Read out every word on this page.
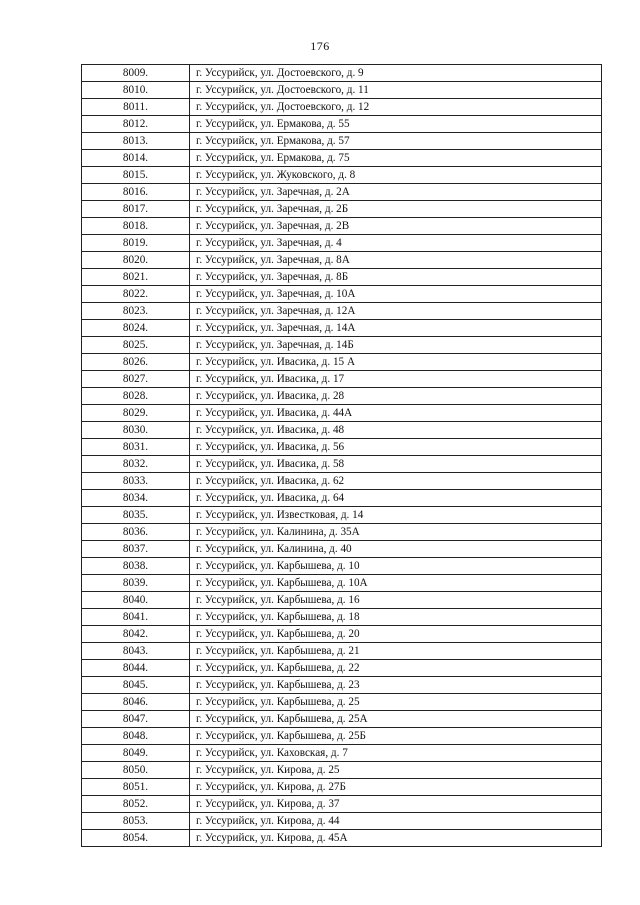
176
8009.	г. Уссурийск, ул. Достоевского, д. 9
8010.	г. Уссурийск, ул. Достоевского, д. 11
8011.	г. Уссурийск, ул. Достоевского, д. 12
8012.	г. Уссурийск, ул. Ермакова, д. 55
8013.	г. Уссурийск, ул. Ермакова, д. 57
8014.	г. Уссурийск, ул. Ермакова, д. 75
8015.	г. Уссурийск, ул. Жуковского, д. 8
8016.	г. Уссурийск, ул. Заречная, д. 2А
8017.	г. Уссурийск, ул. Заречная, д. 2Б
8018.	г. Уссурийск, ул. Заречная, д. 2В
8019.	г. Уссурийск, ул. Заречная, д. 4
8020.	г. Уссурийск, ул. Заречная, д. 8А
8021.	г. Уссурийск, ул. Заречная, д. 8Б
8022.	г. Уссурийск, ул. Заречная, д. 10А
8023.	г. Уссурийск, ул. Заречная, д. 12А
8024.	г. Уссурийск, ул. Заречная, д. 14А
8025.	г. Уссурийск, ул. Заречная, д. 14Б
8026.	г. Уссурийск, ул. Ивасика, д. 15 А
8027.	г. Уссурийск, ул. Ивасика, д. 17
8028.	г. Уссурийск, ул. Ивасика, д. 28
8029.	г. Уссурийск, ул. Ивасика, д. 44А
8030.	г. Уссурийск, ул. Ивасика, д. 48
8031.	г. Уссурийск, ул. Ивасика, д. 56
8032.	г. Уссурийск, ул. Ивасика, д. 58
8033.	г. Уссурийск, ул. Ивасика, д. 62
8034.	г. Уссурийск, ул. Ивасика, д. 64
8035.	г. Уссурийск, ул. Известковая, д. 14
8036.	г. Уссурийск, ул. Калинина, д. 35А
8037.	г. Уссурийск, ул. Калинина, д. 40
8038.	г. Уссурийск, ул. Карбышева, д. 10
8039.	г. Уссурийск, ул. Карбышева, д. 10А
8040.	г. Уссурийск, ул. Карбышева, д. 16
8041.	г. Уссурийск, ул. Карбышева, д. 18
8042.	г. Уссурийск, ул. Карбышева, д. 20
8043.	г. Уссурийск, ул. Карбышева, д. 21
8044.	г. Уссурийск, ул. Карбышева, д. 22
8045.	г. Уссурийск, ул. Карбышева, д. 23
8046.	г. Уссурийск, ул. Карбышева, д. 25
8047.	г. Уссурийск, ул. Карбышева, д. 25А
8048.	г. Уссурийск, ул. Карбышева, д. 25Б
8049.	г. Уссурийск, ул. Каховская, д. 7
8050.	г. Уссурийск, ул. Кирова, д. 25
8051.	г. Уссурийск, ул. Кирова, д. 27Б
8052.	г. Уссурийск, ул. Кирова, д. 37
8053.	г. Уссурийск, ул. Кирова, д. 44
8054.	г. Уссурийск, ул. Кирова, д. 45А
